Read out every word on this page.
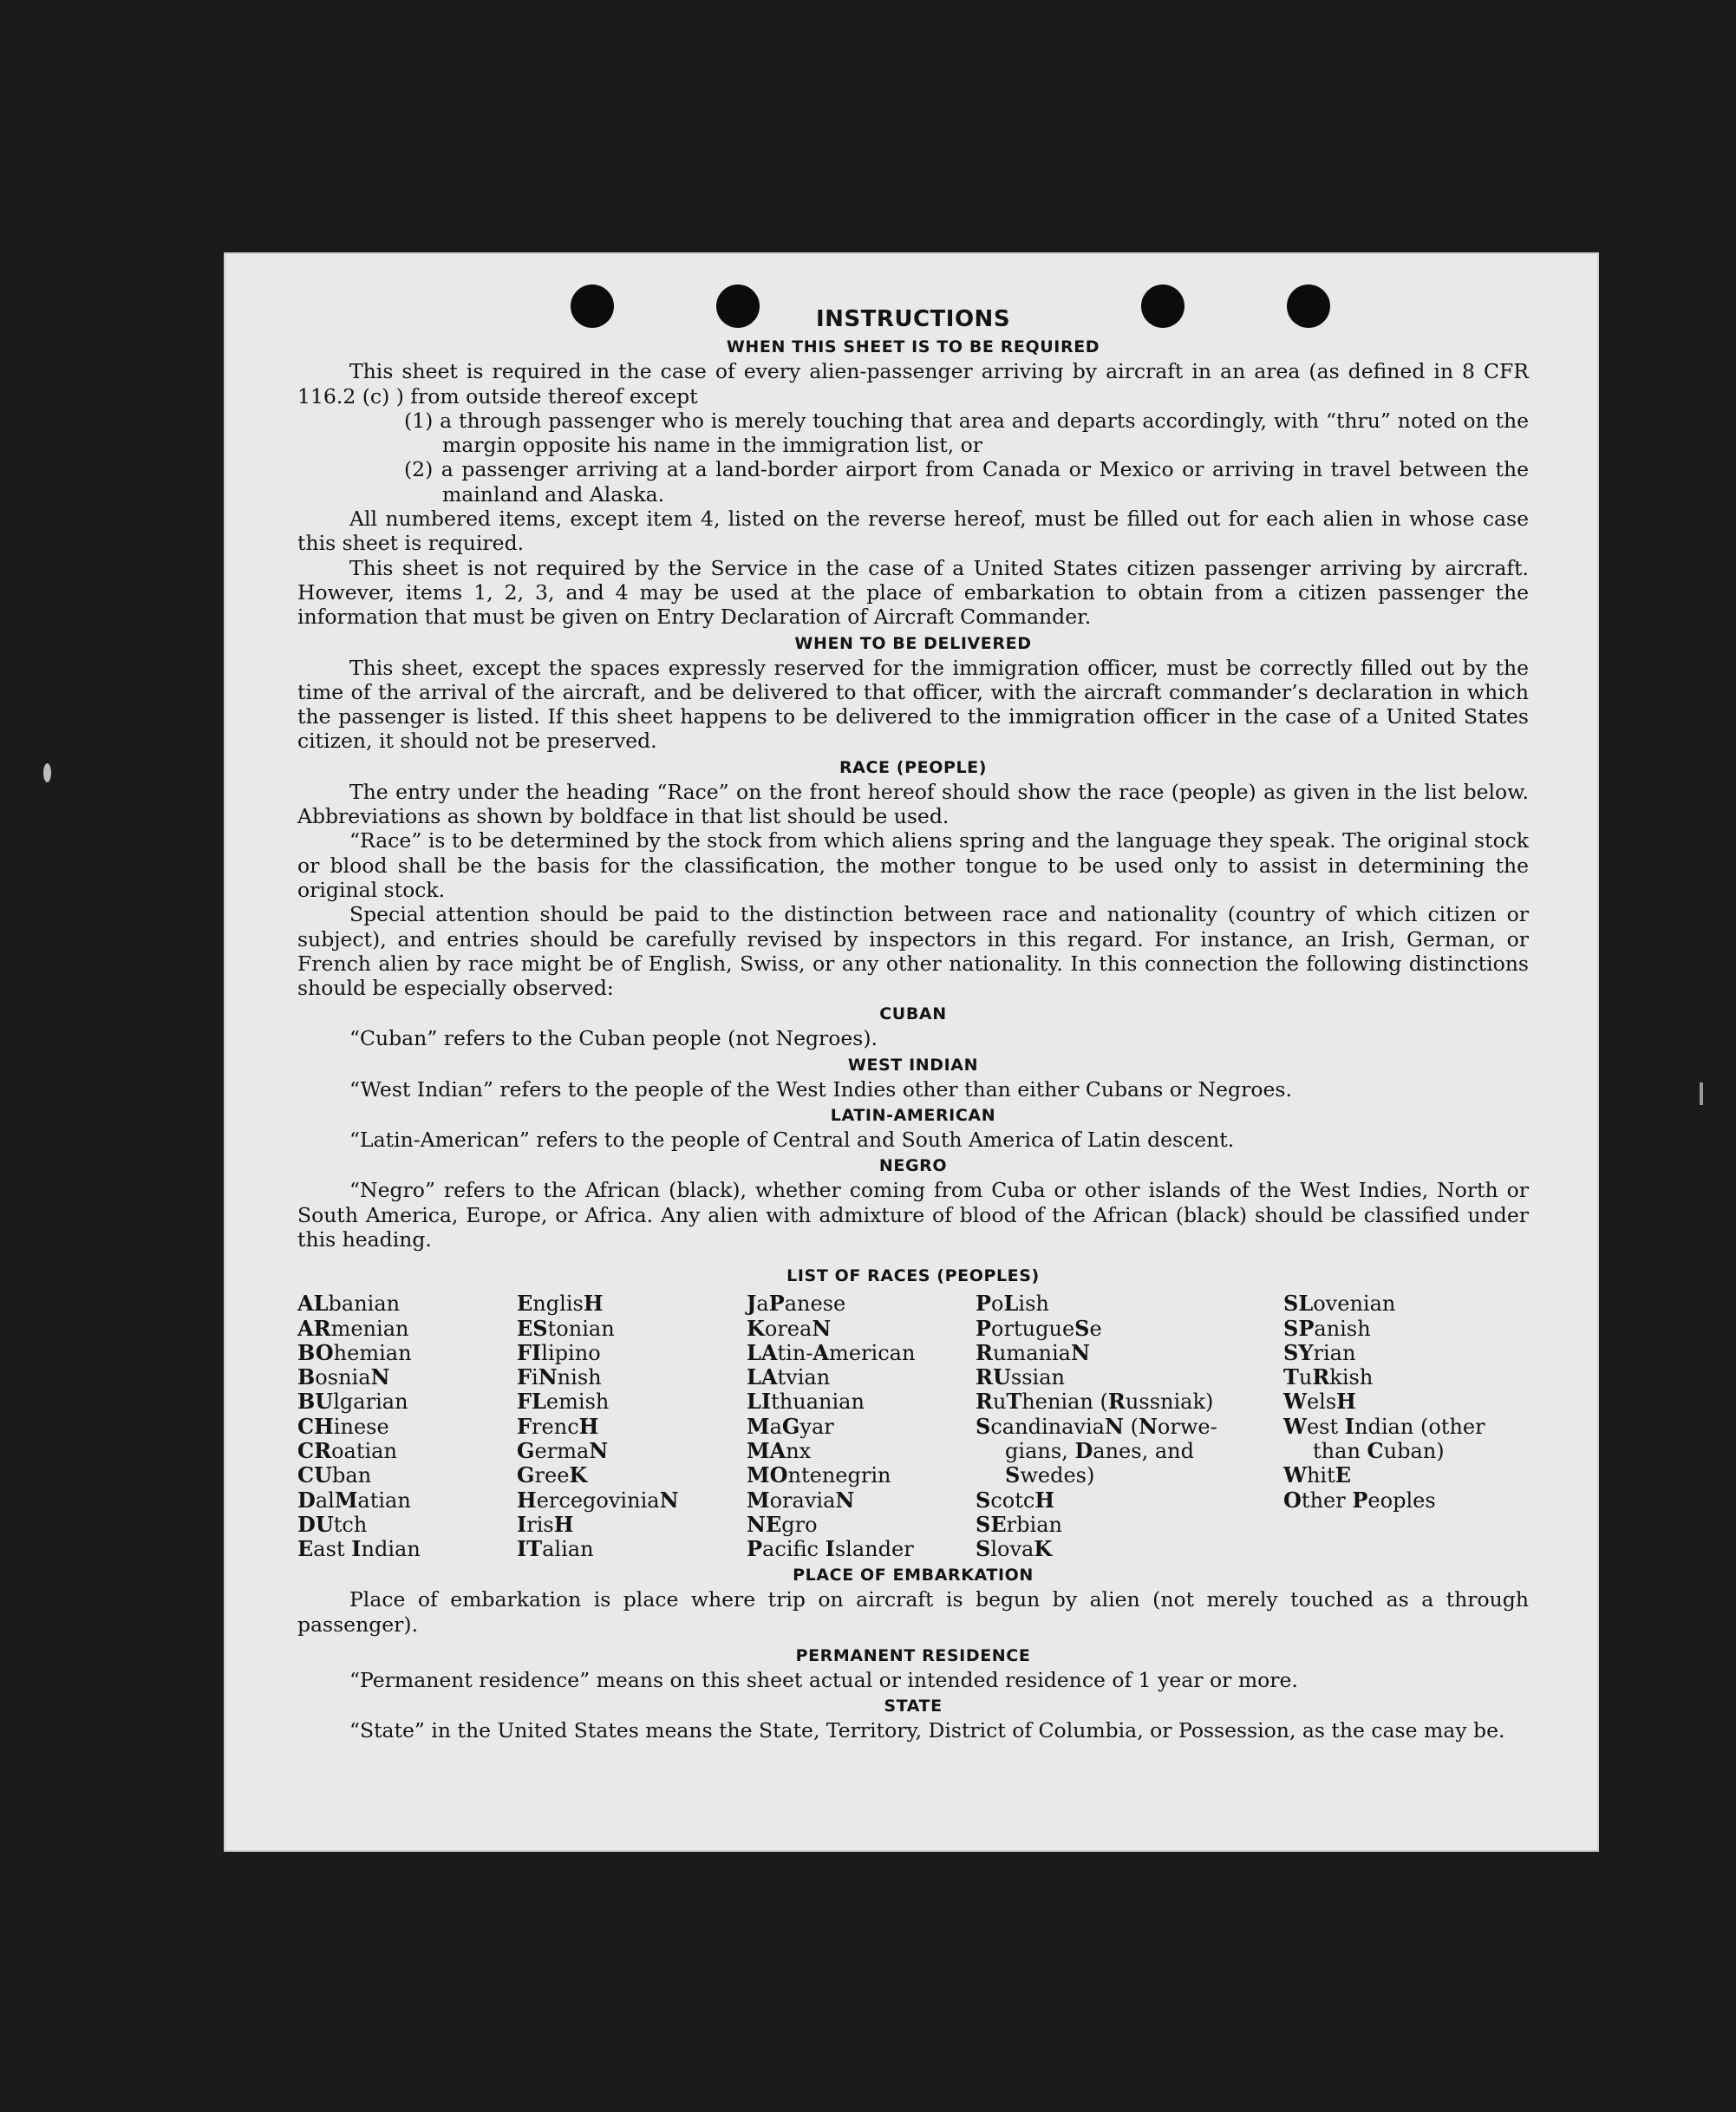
INSTRUCTIONS
WHEN THIS SHEET IS TO BE REQUIRED

This sheet is required in the case of every alien-passenger arriving by aircraft in an area (as defined in 8 CFR 116.2 (c) ) from outside thereof except

(1) a through passenger who is merely touching that area and departs accordingly, with “thru” noted on the margin opposite his name in the immigration list, or

(2) a passenger arriving at a land-border airport from Canada or Mexico or arriving in travel between the mainland and Alaska.

All numbered items, except item 4, listed on the reverse hereof, must be filled out for each alien in whose case this sheet is required.

This sheet is not required by the Service in the case of a United States citizen passenger arriving by aircraft. However, items 1, 2, 3, and 4 may be used at the place of embarkation to obtain from a citizen passenger the information that must be given on Entry Declaration of Aircraft Commander.

WHEN TO BE DELIVERED

This sheet, except the spaces expressly reserved for the immigration officer, must be correctly filled out by the time of the arrival of the aircraft, and be delivered to that officer, with the aircraft commander’s declaration in which the passenger is listed. If this sheet happens to be delivered to the immigration officer in the case of a United States citizen, it should not be preserved.

RACE (PEOPLE)

The entry under the heading “Race” on the front hereof should show the race (people) as given in the list below. Abbreviations as shown by boldface in that list should be used.

“Race” is to be determined by the stock from which aliens spring and the language they speak. The original stock or blood shall be the basis for the classification, the mother tongue to be used only to assist in determining the original stock.

Special attention should be paid to the distinction between race and nationality (country of which citizen or subject), and entries should be carefully revised by inspectors in this regard. For instance, an Irish, German, or French alien by race might be of English, Swiss, or any other nationality. In this connection the following distinctions should be especially observed:

CUBAN

“Cuban” refers to the Cuban people (not Negroes).

WEST INDIAN

“West Indian” refers to the people of the West Indies other than either Cubans or Negroes.

LATIN-AMERICAN

“Latin-American” refers to the people of Central and South America of Latin descent.

NEGRO

“Negro” refers to the African (black), whether coming from Cuba or other islands of the West Indies, North or South America, Europe, or Africa. Any alien with admixture of blood of the African (black) should be classified under this heading.

LIST OF RACES (PEOPLES)
ALbanian
ARmenian
BOhemian
BosniaN
BUlgarian
CHinese
CRoatian
CUban
DalMatian
DUtch
East Indian
EnglisH
EStonian
FIlipino
FiNnish
FLemish
FrencH
GermaN
GreeK
HercegoviniaN
IrisH
ITalian
JaPanese
KoreaN
LAtin-American
LAtvian
LIthuanian
MaGyar
MAnx
MOntenegrin
MoraviaN
NEgro
Pacifc Islander
PoLish
PortugueSe
RumaniaN
RUssian
RuThenian (Russniak)
ScandinaviaN (Norwe-
gians, Danes, and
Swedes)
ScotcH
SErbian
SlovaK
SLovenian
SPanish
SYrian
TuRkish
WelsH
West Indian (other
than Cuban)
WhitE
Other Peoples
PLACE OF EMBARKATION

Place of embarkation is place where trip on aircraft is begun by alien (not merely touched as a through passenger).

PERMANENT RESIDENCE

“Permanent residence” means on this sheet actual or intended residence of 1 year or more.

STATE

“State” in the United States means the State, Territory, District of Columbia, or Possession, as the case may be.
